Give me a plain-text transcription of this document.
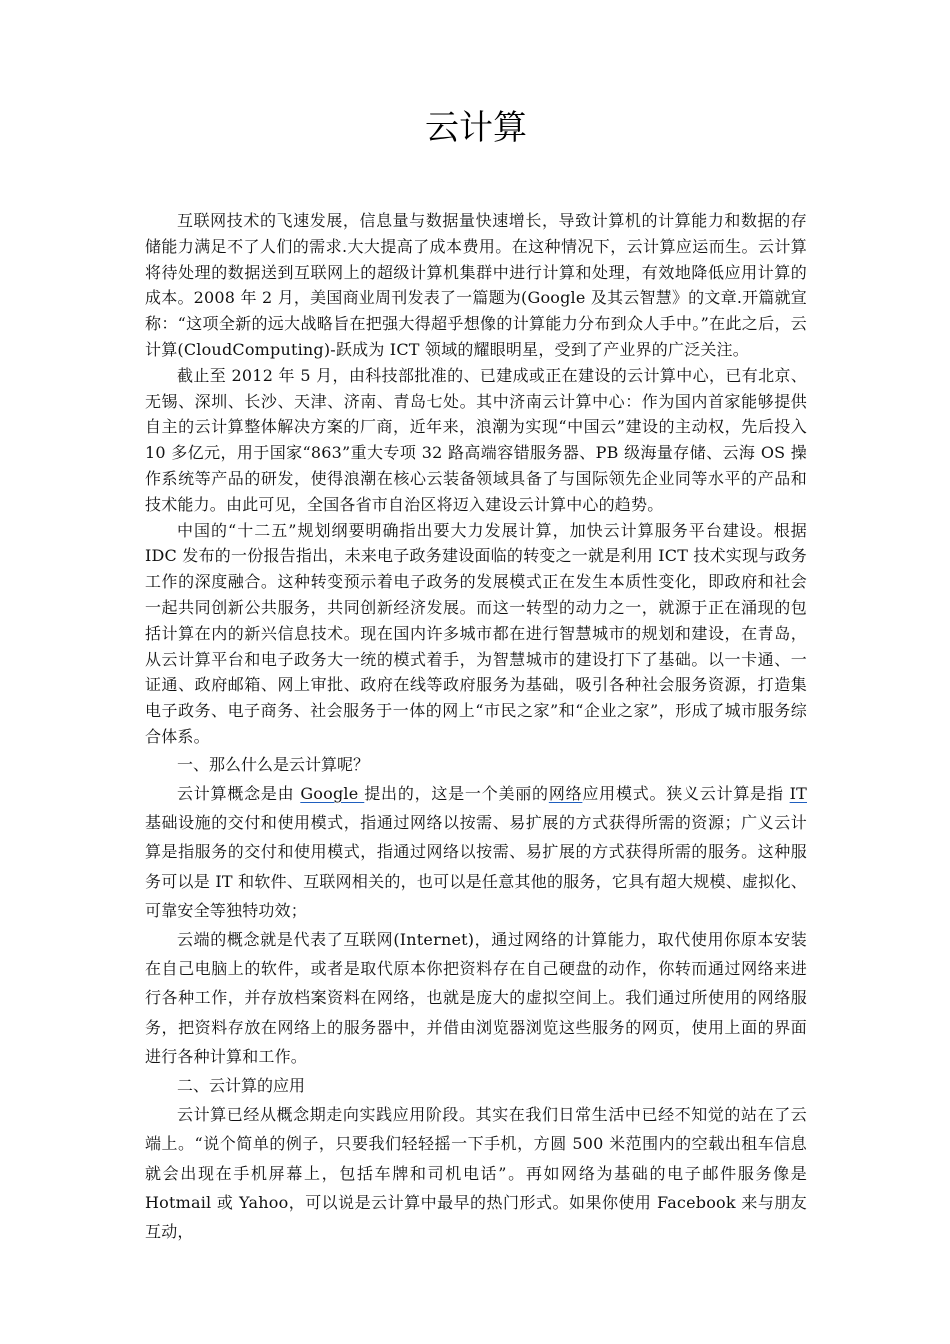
云计算

互联网技术的飞速发展，信息量与数据量快速增长，导致计算机的计算能力和数据的存储能力满足不了人们的需求.大大提高了成本费用。在这种情况下，云计算应运而生。云计算将待处理的数据送到互联网上的超级计算机集群中进行计算和处理，有效地降低应用计算的成本。2008 年 2 月，美国商业周刊发表了一篇题为(Google 及其云智慧》的文章.开篇就宣称：“这项全新的远大战略旨在把强大得超乎想像的计算能力分布到众人手中。”在此之后，云计算(CloudComputing)-跃成为 ICT 领域的耀眼明星，受到了产业界的广泛关注。

截止至 2012 年 5 月，由科技部批准的、已建成或正在建设的云计算中心，已有北京、无锡、深圳、长沙、天津、济南、青岛七处。其中济南云计算中心：作为国内首家能够提供自主的云计算整体解决方案的厂商，近年来，浪潮为实现“中国云”建设的主动权，先后投入 10 多亿元，用于国家“863”重大专项 32 路高端容错服务器、PB 级海量存储、云海 OS 操作系统等产品的研发，使得浪潮在核心云装备领域具备了与国际领先企业同等水平的产品和技术能力。由此可见，全国各省市自治区将迈入建设云计算中心的趋势。

中国的“十二五”规划纲要明确指出要大力发展计算，加快云计算服务平台建设。根据 IDC 发布的一份报告指出，未来电子政务建设面临的转变之一就是利用 ICT 技术实现与政务工作的深度融合。这种转变预示着电子政务的发展模式正在发生本质性变化，即政府和社会一起共同创新公共服务，共同创新经济发展。而这一转型的动力之一，就源于正在涌现的包括计算在内的新兴信息技术。现在国内许多城市都在进行智慧城市的规划和建设，在青岛，从云计算平台和电子政务大一统的模式着手，为智慧城市的建设打下了基础。以一卡通、一证通、政府邮箱、网上审批、政府在线等政府服务为基础，吸引各种社会服务资源，打造集电子政务、电子商务、社会服务于一体的网上“市民之家”和“企业之家”，形成了城市服务综合体系。

一、那么什么是云计算呢？

云计算概念是由 Google 提出的，这是一个美丽的网络应用模式。狭义云计算是指 IT 基础设施的交付和使用模式，指通过网络以按需、易扩展的方式获得所需的资源；广义云计算是指服务的交付和使用模式，指通过网络以按需、易扩展的方式获得所需的服务。这种服务可以是 IT 和软件、互联网相关的，也可以是任意其他的服务，它具有超大规模、虚拟化、可靠安全等独特功效；

云端的概念就是代表了互联网(Internet)，通过网络的计算能力，取代使用你原本安装在自己电脑上的软件，或者是取代原本你把资料存在自己硬盘的动作，你转而通过网络来进行各种工作，并存放档案资料在网络，也就是庞大的虚拟空间上。我们通过所使用的网络服务，把资料存放在网络上的服务器中，并借由浏览器浏览这些服务的网页，使用上面的界面进行各种计算和工作。

二、云计算的应用

云计算已经从概念期走向实践应用阶段。其实在我们日常生活中已经不知觉的站在了云端上。“说个简单的例子，只要我们轻轻摇一下手机，方圆 500 米范围内的空载出租车信息就会出现在手机屏幕上，包括车牌和司机电话”。再如网络为基础的电子邮件服务像是 Hotmail 或 Yahoo，可以说是云计算中最早的热门形式。如果你使用 Facebook 来与朋友互动，
